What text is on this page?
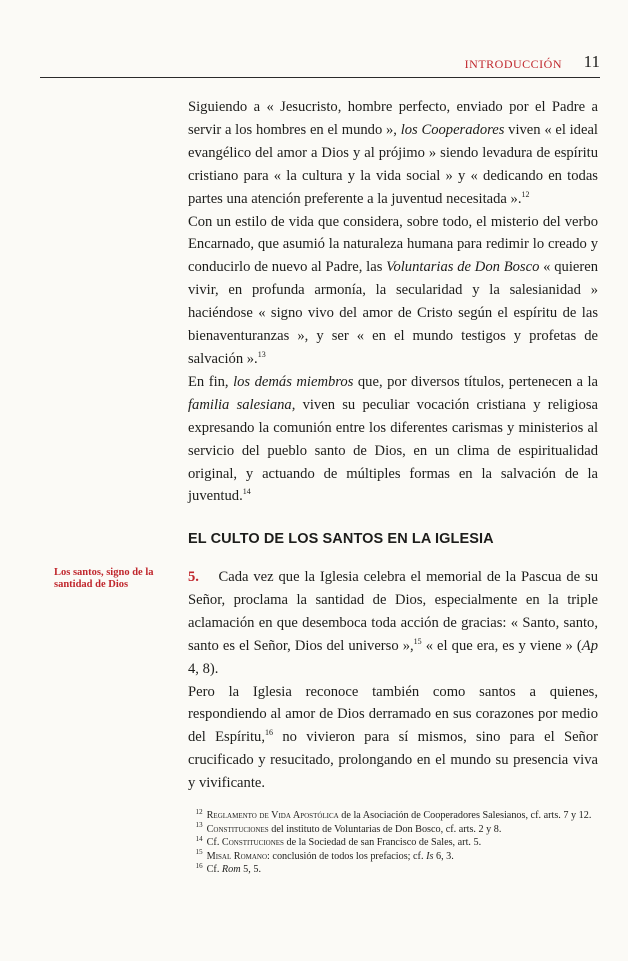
INTRODUCCIÓN 11

Siguiendo a « Jesucristo, hombre perfecto, enviado por el Padre a servir a los hombres en el mundo », los Cooperadores viven « el ideal evangélico del amor a Dios y al prójimo » siendo levadura de espíritu cristiano para « la cultura y la vida social » y « dedicando en todas partes una atención preferente a la juventud necesitada ».$^{12}$

Con un estilo de vida que considera, sobre todo, el misterio del verbo Encarnado, que asumió la naturaleza humana para redimir lo creado y conducirlo de nuevo al Padre, las Voluntarias de Don Bosco « quieren vivir, en profunda armonía, la secularidad y la salesianidad » haciéndose « signo vivo del amor de Cristo según el espíritu de las bienaventuranzas », y ser « en el mundo testigos y profetas de salvación ».$^{13}$

En fin, los demás miembros que, por diversos títulos, pertenecen a la familia salesiana, viven su peculiar vocación cristiana y religiosa expresando la comunión entre los diferentes carismas y ministerios al servicio del pueblo santo de Dios, en un clima de espiritualidad original, y actuando de múltiples formas en la salvación de la juventud.$^{14}$

EL CULTO DE LOS SANTOS EN LA IGLESIA
Los santos, signo de la santidad de Dios	5.    Cada vez que la Iglesia celebra el memorial de la Pascua de su Señor, proclama la santidad de Dios, especialmente en la triple aclamación en que desemboca toda acción de gracias: « Santo, santo, santo es el Señor, Dios del universo »,$^{15}$ « el que era, es y viene » (Ap 4, 8).

Pero la Iglesia reconoce también como santos a quienes, respondiendo al amor de Dios derramado en sus corazones por medio del Espíritu,$^{16}$ no vivieron para sí mismos, sino para el Señor crucificado y resucitado, prolongando en el mundo su presencia viva y vivificante.

$^{12}$ Reglamento de Vida Apostólica de la Asociación de Cooperadores Salesianos, cf. arts. 7 y 12.

$^{13}$ Constituciones del instituto de Voluntarias de Don Bosco, cf. arts. 2 y 8.

$^{14}$ Cf. Constituciones de la Sociedad de san Francisco de Sales, art. 5.

$^{15}$ Misal Romano: conclusión de todos los prefacios; cf. Is 6, 3.

$^{16}$ Cf. Rom 5, 5.
